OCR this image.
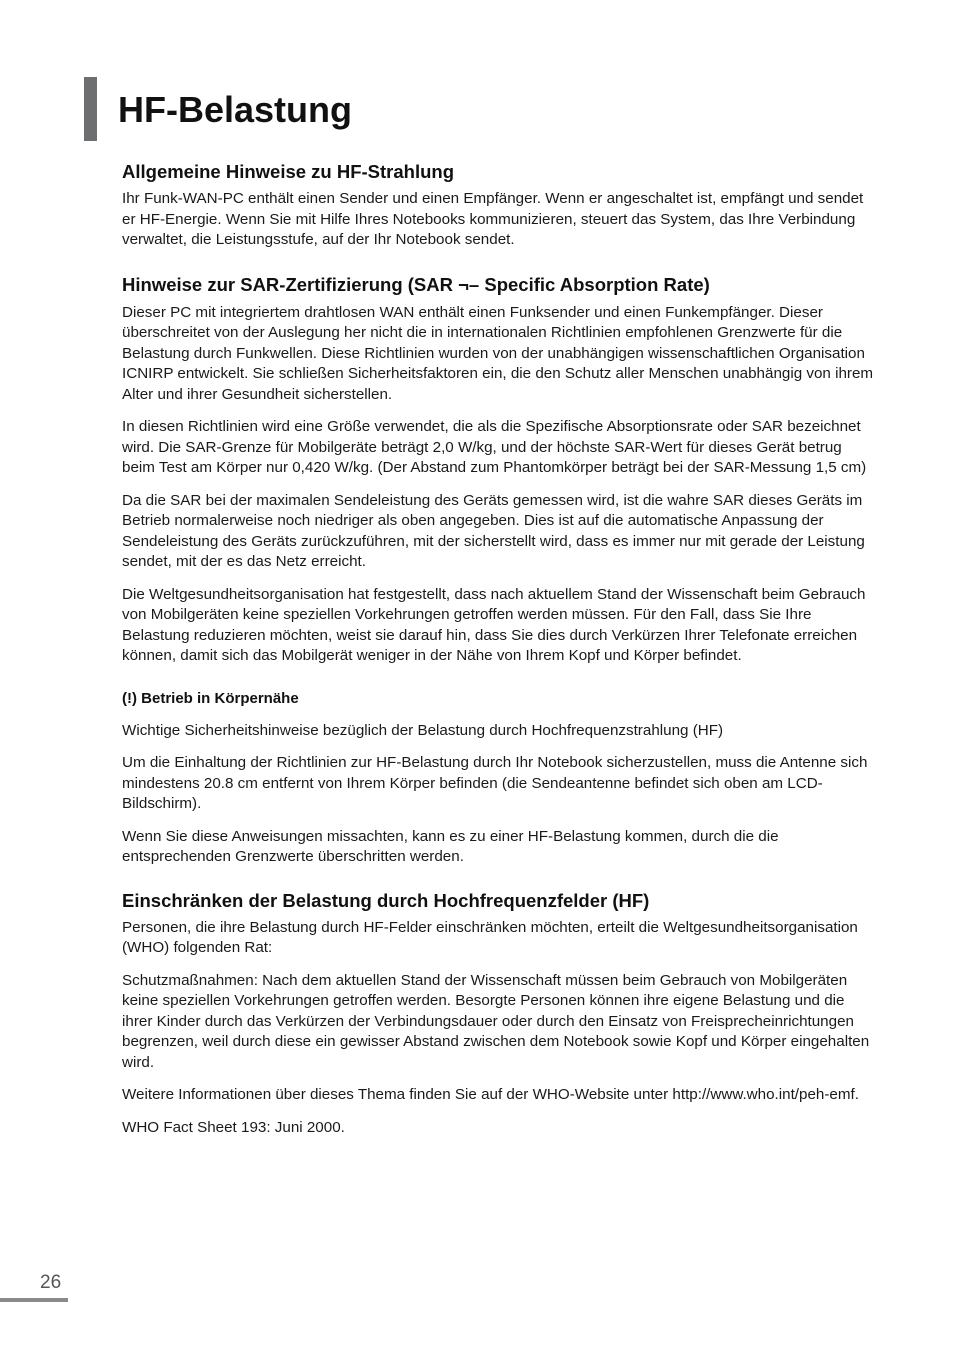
HF-Belastung
Allgemeine Hinweise zu HF-Strahlung

Ihr Funk-WAN-PC enthält einen Sender und einen Empfänger. Wenn er angeschaltet ist, empfängt und sendet er HF-Energie. Wenn Sie mit Hilfe Ihres Notebooks kommunizieren, steuert das System, das Ihre Verbindung verwaltet, die Leistungsstufe, auf der Ihr Notebook sendet.

Hinweise zur SAR-Zertifizierung (SAR ¬– Specific Absorption Rate)

Dieser PC mit integriertem drahtlosen WAN enthält einen Funksender und einen Funkempfänger. Dieser überschreitet von der Auslegung her nicht die in internationalen Richtlinien empfohlenen Grenzwerte für die Belastung durch Funkwellen. Diese Richtlinien wurden von der unabhängigen wissenschaftlichen Organisation ICNIRP entwickelt. Sie schließen Sicherheitsfaktoren ein, die den Schutz aller Menschen unabhängig von ihrem Alter und ihrer Gesundheit sicherstellen.

In diesen Richtlinien wird eine Größe verwendet, die als die Spezifische Absorptionsrate oder SAR bezeichnet wird. Die SAR-Grenze für Mobilgeräte beträgt 2,0 W/kg, und der höchste SAR-Wert für dieses Gerät betrug beim Test am Körper nur 0,420 W/kg. (Der Abstand zum Phantomkörper beträgt bei der SAR-Messung 1,5 cm)

Da die SAR bei der maximalen Sendeleistung des Geräts gemessen wird, ist die wahre SAR dieses Geräts im Betrieb normalerweise noch niedriger als oben angegeben. Dies ist auf die automatische Anpassung der Sendeleistung des Geräts zurückzuführen, mit der sicherstellt wird, dass es immer nur mit gerade der Leistung sendet, mit der es das Netz erreicht.

Die Weltgesundheitsorganisation hat festgestellt, dass nach aktuellem Stand der Wissenschaft beim Gebrauch von Mobilgeräten keine speziellen Vorkehrungen getroffen werden müssen. Für den Fall, dass Sie Ihre Belastung reduzieren möchten, weist sie darauf hin, dass Sie dies durch Verkürzen Ihrer Telefonate erreichen können, damit sich das Mobilgerät weniger in der Nähe von Ihrem Kopf und Körper befindet.

(!) Betrieb in Körpernähe

Wichtige Sicherheitshinweise bezüglich der Belastung durch Hochfrequenzstrahlung (HF)

Um die Einhaltung der Richtlinien zur HF-Belastung durch Ihr Notebook sicherzustellen, muss die Antenne sich mindestens 20.8 cm entfernt von Ihrem Körper befinden (die Sendeantenne befindet sich oben am LCD-Bildschirm).

Wenn Sie diese Anweisungen missachten, kann es zu einer HF-Belastung kommen, durch die die entsprechenden Grenzwerte überschritten werden.

Einschränken der Belastung durch Hochfrequenzfelder (HF)

Personen, die ihre Belastung durch HF-Felder einschränken möchten, erteilt die Weltgesundheitsorganisation (WHO) folgenden Rat:

Schutzmaßnahmen: Nach dem aktuellen Stand der Wissenschaft müssen beim Gebrauch von Mobilgeräten keine speziellen Vorkehrungen getroffen werden. Besorgte Personen können ihre eigene Belastung und die ihrer Kinder durch das Verkürzen der Verbindungsdauer oder durch den Einsatz von Freisprecheinrichtungen begrenzen, weil durch diese ein gewisser Abstand zwischen dem Notebook sowie Kopf und Körper eingehalten wird.

Weitere Informationen über dieses Thema finden Sie auf der WHO-Website unter http://www.who.int/peh-emf.

WHO Fact Sheet 193: Juni 2000.

26
